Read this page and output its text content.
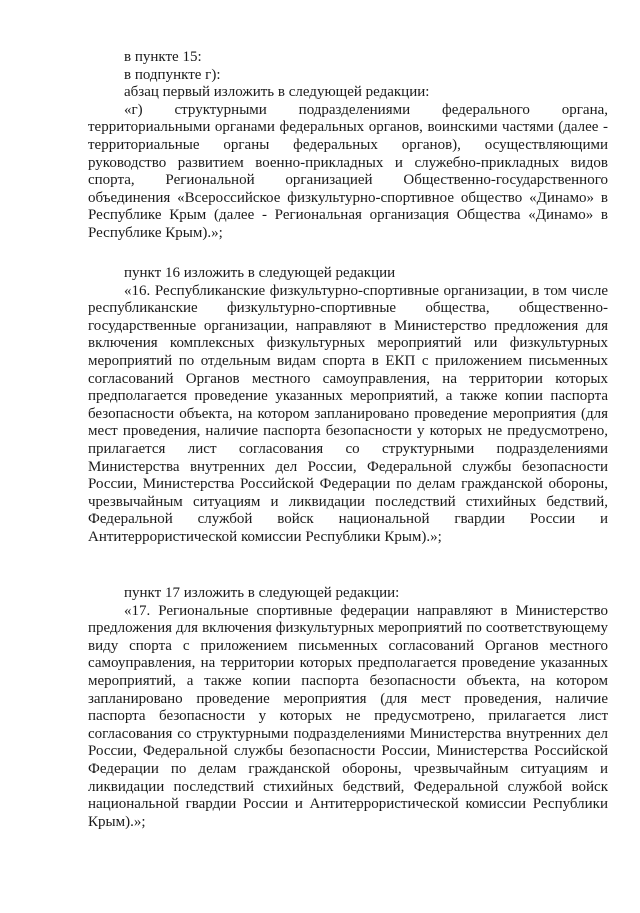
в пункте 15:

в подпункте г):

абзац первый изложить в следующей редакции:

«г) структурными подразделениями федерального органа, территориальными органами федеральных органов, воинскими частями (далее - территориальные органы федеральных органов), осуществляющими руководство развитием военно-прикладных и служебно-прикладных видов спорта, Региональной организацией Общественно-государственного объединения «Всероссийское физкультурно-спортивное общество «Динамо» в Республике Крым (далее - Региональная организация Общества «Динамо» в Республике Крым).»;

пункт 16 изложить в следующей редакции

«16. Республиканские физкультурно-спортивные организации, в том числе республиканские физкультурно-спортивные общества, общественно-государственные организации, направляют в Министерство предложения для включения комплексных физкультурных мероприятий или физкультурных мероприятий по отдельным видам спорта в ЕКП с приложением письменных согласований Органов местного самоуправления, на территории которых предполагается проведение указанных мероприятий, а также копии паспорта безопасности объекта, на котором запланировано проведение мероприятия (для мест проведения, наличие паспорта безопасности у которых не предусмотрено, прилагается лист согласования со структурными подразделениями Министерства внутренних дел России, Федеральной службы безопасности России, Министерства Российской Федерации по делам гражданской обороны, чрезвычайным ситуациям и ликвидации последствий стихийных бедствий, Федеральной службой войск национальной гвардии России и Антитеррористической комиссии Республики Крым).»;

пункт 17 изложить в следующей редакции:

«17. Региональные спортивные федерации направляют в Министерство предложения для включения физкультурных мероприятий по соответствующему виду спорта с приложением письменных согласований Органов местного самоуправления, на территории которых предполагается проведение указанных мероприятий, а также копии паспорта безопасности объекта, на котором запланировано проведение мероприятия (для мест проведения, наличие паспорта безопасности у которых не предусмотрено, прилагается лист согласования со структурными подразделениями Министерства внутренних дел России, Федеральной службы безопасности России, Министерства Российской Федерации по делам гражданской обороны, чрезвычайным ситуациям и ликвидации последствий стихийных бедствий, Федеральной службой войск национальной гвардии России и Антитеррористической комиссии Республики Крым).»;
